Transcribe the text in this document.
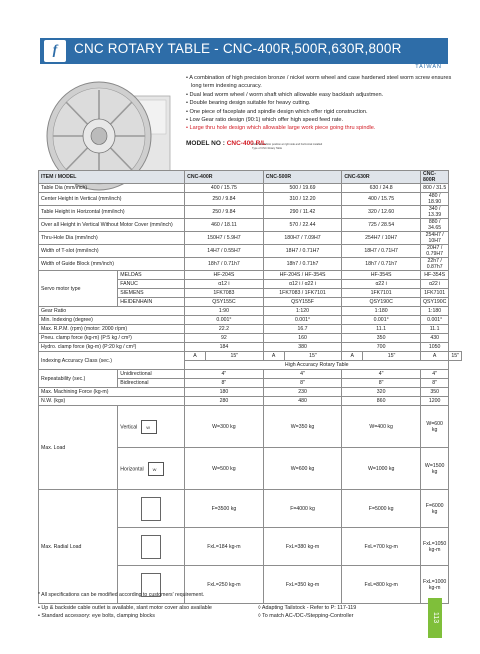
f	CNC ROTARY TABLE - CNC-400R,500R,630R,800R
TAIWAN
• A combination of high precision bronze / nickel worm wheel and case hardened steel worm screw ensures long term indexing accuracy.
• Dual lead worm wheel / worm shaft which allowable easy backlash adjustmen.
• Double bearing design suitable for heavy cutting.
• One piece of faceplate and spindle design which offer rigid construction.
• Low Gear ratio design (90:1) which offer high speed feed rate.
• Large thru hole design which allowable large work piece going thru spindle.
MODEL NO : CNC-400 R/L
Table Dia *Motor position at right side and horizontal installed
Type of CNC Rotary Table
ITEM / MODEL		CNC-400R		CNC-500R		CNC-630R		CNC-800R	
Table Dia (mm/inch)		400 / 15.75		500 / 19.69		630 / 24.8		800 / 31.5	
Center Height in Vertical (mm/inch)		250 / 9.84		310 / 12.20		400 / 15.75		480 / 18.90	
Table Height in Horizontal (mm/inch)		250 / 9.84		290 / 11.42		320 / 12.60		340 / 13.39	
Over all Height in Vertical Without Motor Cover (mm/inch)		460 / 18.11		570 / 22.44		725 / 28.54		880 / 34.65	
Thru-Hole Dia (mm/inch)		150H7 / 5.9H7		180H7 / 7.09H7		254H7 / 10H7		254H7 / 10H7	
Width of T-slot (mm/inch)		14H7 / 0.55H7		18H7 / 0.71H7		18H7 / 0.71H7		20H7 / 0.79H7	
Width of Guide Block (mm/inch)		18h7 / 0.71h7		18h7 / 0.71h7		18h7 / 0.71h7		22h7 / 0.87h7	
Servo motor type	MELDAS	HF-204S		HF-204S / HF-354S		HF-354S		HF-354S	
	FANUC	α12 i		α12 i / α22 i		α22 i		α22 i	
	SIEMENS	1FK7083		1FK7083 / 1FK7101		1FK7101		1FK7101	
	HEIDENHAIN	QSY155C		QSY155F		QSY190C		QSY190C	
Gear Ratio		1:90		1:120		1:180		1:180	
Min. Indexing (degree)		0.001°		0.001°		0.001°		0.001°	
Max. R.P.M. (rpm) (motor: 2000 r/pm)		22.2		16.7		11.1		11.1	
Pneu. clamp force (kg-m) (P:5 kg / cm²)		92		160		350		430	
Hydro. clamp force (kg-m) (P:20 kg / cm²)		184		380		700		1050	
Indexing Accuracy Class (sec.)		A	15"	A	15"	A	15"	A	15"
		High Accuracy Rotary Table							
Repeatability (sec.)	Unidirectional	4"		4"		4"		4"	
	Bidirectional	8"		8"		8"		8"	
Max. Machining Force (kg-m)		180		230		320		350	
N.W. (kgs)		280		480		860		1200	
Max. Load	Vertical W	W=300 kg		W=350 kg		W=400 kg		W=600 kg	
	Horizontal W	W=500 kg		W=600 kg		W=1000 kg		W=1500 kg	
Max. Radial Load		F=3500 kg		F=4000 kg		F=5000 kg		F=6000 kg	
		FxL=184 kg-m		FxL=380 kg-m		FxL=700 kg-m		FxL=1050 kg-m	
		FxL=250 kg-m		FxL=350 kg-m		FxL=800 kg-m		FxL=1000 kg-m	
* All specifications can be modified according to customers' requirement.
• Up & backside cable outlet is available, slant motor cover also available
• Standard accessory: eye bolts, clamping blocks
◊ Adapting Tailstock - Refer to P: 117-119
◊ To match AC-/DC-/Stepping-Controller	113
